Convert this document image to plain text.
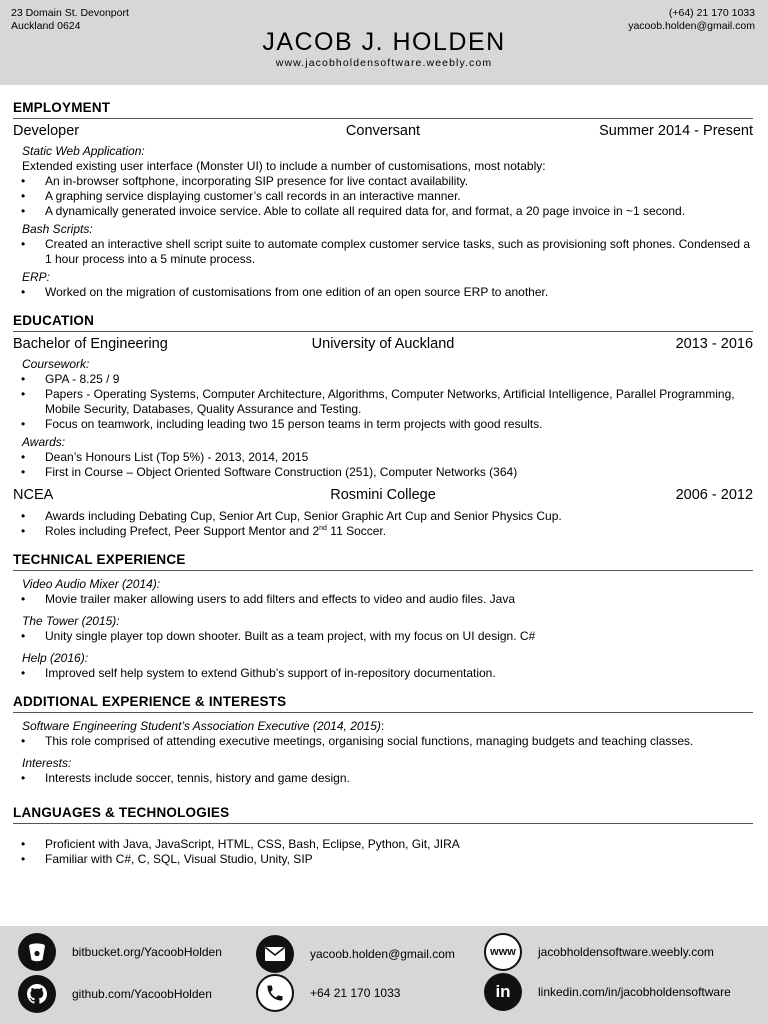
23 Domain St. Devonport
Auckland 0624
(+64) 21 170 1033
yacoob.holden@gmail.com
JACOB J. HOLDEN
www.jacobholdensoftware.weebly.com
EMPLOYMENT
Developer	Conversant	Summer 2014 - Present
Static Web Application:
Extended existing user interface (Monster UI) to include a number of customisations, most notably:
• An in-browser softphone, incorporating SIP presence for live contact availability.
• A graphing service displaying customer’s call records in an interactive manner.
• A dynamically generated invoice service. Able to collate all required data for, and format, a 20 page invoice in ~1 second.
Bash Scripts:
• Created an interactive shell script suite to automate complex customer service tasks, such as provisioning soft phones. Condensed a 1 hour process into a 5 minute process.
ERP:
• Worked on the migration of customisations from one edition of an open source ERP to another.
EDUCATION
Bachelor of Engineering	University of Auckland	2013 - 2016
Coursework:
• GPA - 8.25 / 9
• Papers - Operating Systems, Computer Architecture, Algorithms, Computer Networks, Artificial Intelligence, Parallel Programming, Mobile Security, Databases, Quality Assurance and Testing.
• Focus on teamwork, including leading two 15 person teams in term projects with good results.
Awards:
• Dean’s Honours List (Top 5%) - 2013, 2014, 2015
• First in Course – Object Oriented Software Construction (251), Computer Networks (364)
NCEA	Rosmini College	2006 - 2012
• Awards including Debating Cup, Senior Art Cup, Senior Graphic Art Cup and Senior Physics Cup.
• Roles including Prefect, Peer Support Mentor and 2nd 11 Soccer.
TECHNICAL EXPERIENCE
Video Audio Mixer (2014):
• Movie trailer maker allowing users to add filters and effects to video and audio files. Java
The Tower (2015):
• Unity single player top down shooter. Built as a team project, with my focus on UI design. C#
Help (2016):
• Improved self help system to extend Github’s support of in-repository documentation.
ADDITIONAL EXPERIENCE & INTERESTS
Software Engineering Student’s Association Executive (2014, 2015):
• This role comprised of attending executive meetings, organising social functions, managing budgets and teaching classes.
Interests:
• Interests include soccer, tennis, history and game design.
LANGUAGES & TECHNOLOGIES
• Proficient with Java, JavaScript, HTML, CSS, Bash, Eclipse, Python, Git, JIRA
• Familiar with C#, C, SQL, Visual Studio, Unity, SIP
bitbucket.org/YacoobHolden
github.com/YacoobHolden
yacoob.holden@gmail.com
+64 21 170 1033
www jacobholdensoftware.weebly.com
in linkedin.com/in/jacobholdensoftware
